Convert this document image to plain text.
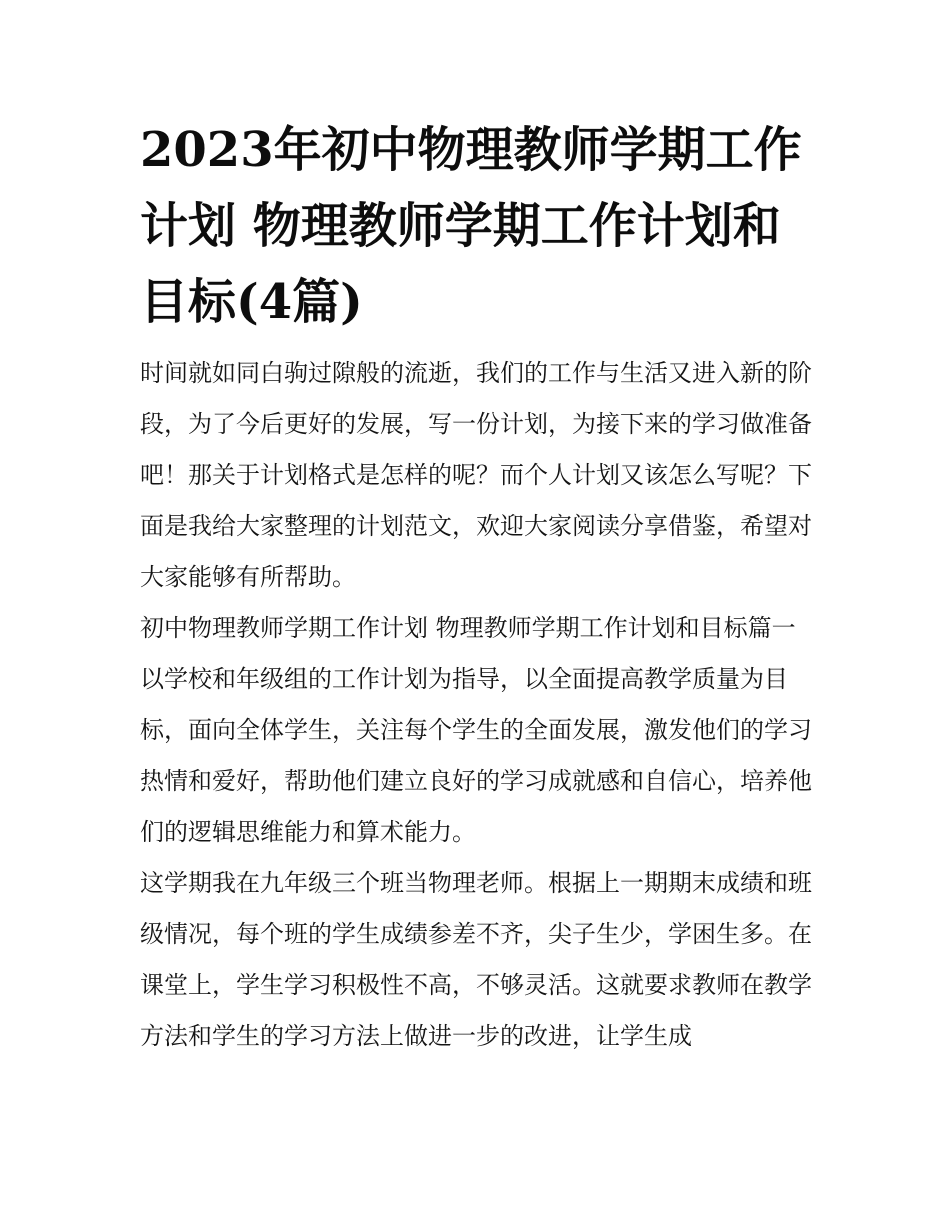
2023年初中物理教师学期工作计划 物理教师学期工作计划和目标(4篇)

时间就如同白驹过隙般的流逝，我们的工作与生活又进入新的阶段，为了今后更好的发展，写一份计划，为接下来的学习做准备吧！那关于计划格式是怎样的呢？而个人计划又该怎么写呢？下面是我给大家整理的计划范文，欢迎大家阅读分享借鉴，希望对大家能够有所帮助。

初中物理教师学期工作计划 物理教师学期工作计划和目标篇一

以学校和年级组的工作计划为指导，以全面提高教学质量为目标，面向全体学生，关注每个学生的全面发展，激发他们的学习热情和爱好，帮助他们建立良好的学习成就感和自信心，培养他们的逻辑思维能力和算术能力。

这学期我在九年级三个班当物理老师。根据上一期期末成绩和班级情况，每个班的学生成绩参差不齐，尖子生少，学困生多。在课堂上，学生学习积极性不高，不够灵活。这就要求教师在教学方法和学生的学习方法上做进一步的改进，让学生成
